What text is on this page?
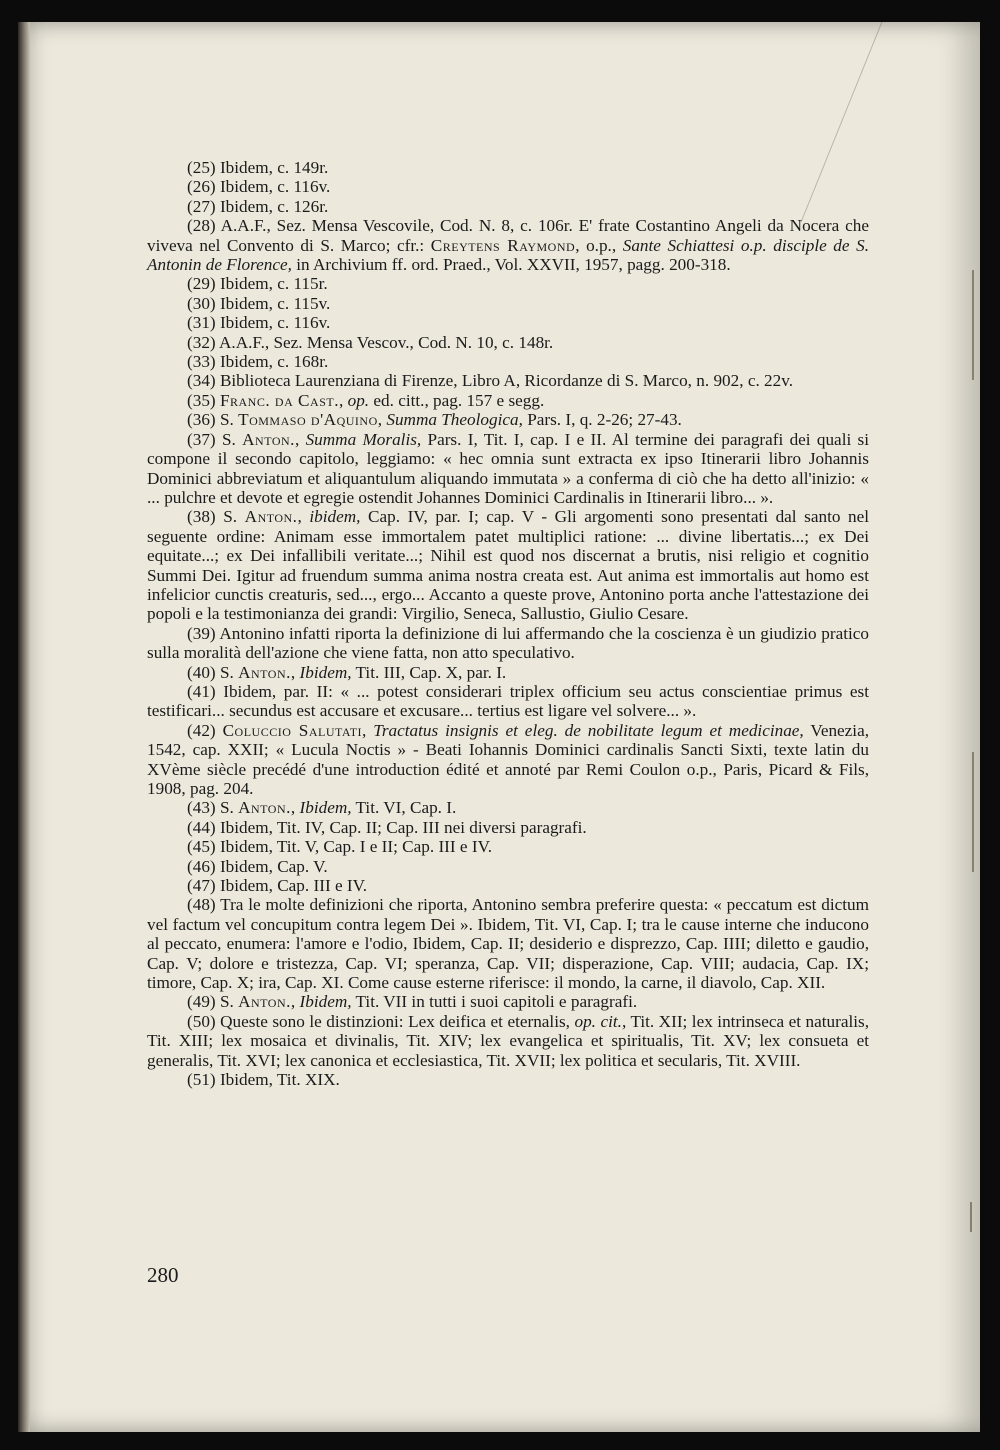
(25) Ibidem, c. 149r.

(26) Ibidem, c. 116v.

(27) Ibidem, c. 126r.

(28) A.A.F., Sez. Mensa Vescovile, Cod. N. 8, c. 106r. E' frate Costantino Angeli da Nocera che viveva nel Convento di S. Marco; cfr.: Creytens Raymond, o.p., Sante Schiattesi o.p. disciple de S. Antonin de Florence, in Archivium ff. ord. Praed., Vol. XXVII, 1957, pagg. 200-318.

(29) Ibidem, c. 115r.

(30) Ibidem, c. 115v.

(31) Ibidem, c. 116v.

(32) A.A.F., Sez. Mensa Vescov., Cod. N. 10, c. 148r.

(33) Ibidem, c. 168r.

(34) Biblioteca Laurenziana di Firenze, Libro A, Ricordanze di S. Marco, n. 902, c. 22v.

(35) Franc. da Cast., op. ed. citt., pag. 157 e segg.

(36) S. Tommaso d'Aquino, Summa Theologica, Pars. I, q. 2-26; 27-43.

(37) S. Anton., Summa Moralis, Pars. I, Tit. I, cap. I e II. Al termine dei paragrafi dei quali si compone il secondo capitolo, leggiamo: « hec omnia sunt extracta ex ipso Itinerarii libro Johannis Dominici abbreviatum et aliquantulum aliquando immutata » a conferma di ciò che ha detto all'inizio: « ... pulchre et devote et egregie ostendit Johannes Dominici Cardinalis in Itinerarii libro... ».

(38) S. Anton., ibidem, Cap. IV, par. I; cap. V - Gli argomenti sono presentati dal santo nel seguente ordine: Animam esse immortalem patet multiplici ratione: ... divine libertatis...; ex Dei equitate...; ex Dei infallibili veritate...; Nihil est quod nos discernat a brutis, nisi religio et cognitio Summi Dei. Igitur ad fruendum summa anima nostra creata est. Aut anima est immortalis aut homo est infelicior cunctis creaturis, sed..., ergo... Accanto a queste prove, Antonino porta anche l'attestazione dei popoli e la testimonianza dei grandi: Virgilio, Seneca, Sallustio, Giulio Cesare.

(39) Antonino infatti riporta la definizione di lui affermando che la coscienza è un giudizio pratico sulla moralità dell'azione che viene fatta, non atto speculativo.

(40) S. Anton., Ibidem, Tit. III, Cap. X, par. I.

(41) Ibidem, par. II: « ... potest considerari triplex officium seu actus conscientiae primus est testificari... secundus est accusare et excusare... tertius est ligare vel solvere... ».

(42) Coluccio Salutati, Tractatus insignis et eleg. de nobilitate legum et medicinae, Venezia, 1542, cap. XXII; « Lucula Noctis » - Beati Iohannis Dominici cardinalis Sancti Sixti, texte latin du XVème siècle precédé d'une introduction édité et annoté par Remi Coulon o.p., Paris, Picard & Fils, 1908, pag. 204.

(43) S. Anton., Ibidem, Tit. VI, Cap. I.

(44) Ibidem, Tit. IV, Cap. II; Cap. III nei diversi paragrafi.

(45) Ibidem, Tit. V, Cap. I e II; Cap. III e IV.

(46) Ibidem, Cap. V.

(47) Ibidem, Cap. III e IV.

(48) Tra le molte definizioni che riporta, Antonino sembra preferire questa: « peccatum est dictum vel factum vel concupitum contra legem Dei ». Ibidem, Tit. VI, Cap. I; tra le cause interne che inducono al peccato, enumera: l'amore e l'odio, Ibidem, Cap. II; desiderio e disprezzo, Cap. IIII; diletto e gaudio, Cap. V; dolore e tristezza, Cap. VI; speranza, Cap. VII; disperazione, Cap. VIII; audacia, Cap. IX; timore, Cap. X; ira, Cap. XI. Come cause esterne riferisce: il mondo, la carne, il diavolo, Cap. XII.

(49) S. Anton., Ibidem, Tit. VII in tutti i suoi capitoli e paragrafi.

(50) Queste sono le distinzioni: Lex deifica et eternalis, op. cit., Tit. XII; lex intrinseca et naturalis, Tit. XIII; lex mosaica et divinalis, Tit. XIV; lex evangelica et spiritualis, Tit. XV; lex consueta et generalis, Tit. XVI; lex canonica et ecclesiastica, Tit. XVII; lex politica et secularis, Tit. XVIII.

(51) Ibidem, Tit. XIX.

280
